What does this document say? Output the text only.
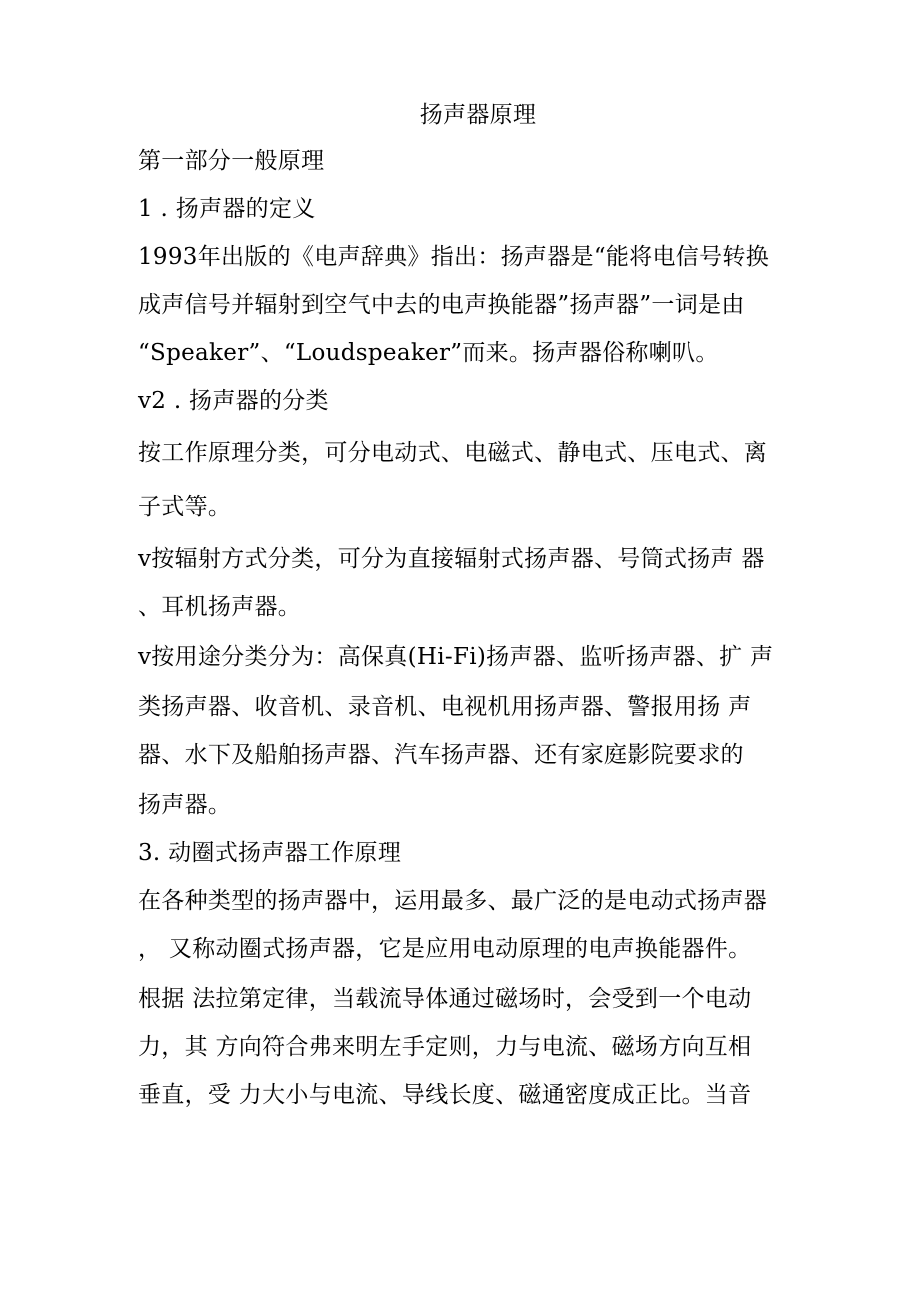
扬声器原理
第一部分一般原理
1 . 扬声器的定义
1993年出版的《电声辞典》指出：扬声器是“能将电信号转换
成声信号并辐射到空气中去的电声换能器”扬声器”一词是由
“Speaker”、“Loudspeaker”而来。扬声器俗称喇叭。
v2 . 扬声器的分类
按工作原理分类，可分电动式、电磁式、静电式、压电式、离
子式等。
v按辐射方式分类，可分为直接辐射式扬声器、号筒式扬声 器
、耳机扬声器。
v按用途分类分为：高保真(Hi-Fi)扬声器、监听扬声器、扩 声
类扬声器、收音机、录音机、电视机用扬声器、警报用扬 声
器、水下及船舶扬声器、汽车扬声器、还有家庭影院要求的
扬声器。
3. 动圈式扬声器工作原理
在各种类型的扬声器中，运用最多、最广泛的是电动式扬声器
， 又称动圈式扬声器，它是应用电动原理的电声换能器件。
根据 法拉第定律，当载流导体通过磁场时，会受到一个电动
力，其 方向符合弗来明左手定则，力与电流、磁场方向互相
垂直，受 力大小与电流、导线长度、磁通密度成正比。当音
